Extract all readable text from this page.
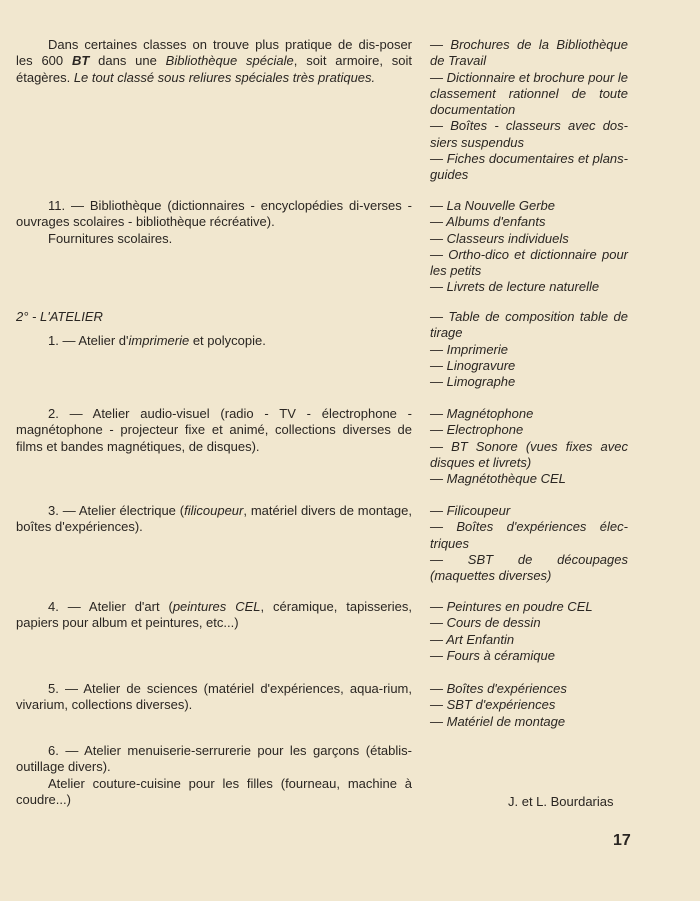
Dans certaines classes on trouve plus pratique de dis-poser les 600 BT dans une Bibliothèque spéciale, soit armoire, soit étagères. Le tout classé sous reliures spéciales très pratiques.

— Brochures de la Bibliothèque de Travail
— Dictionnaire et brochure pour le classement rationnel de toute documentation
— Boîtes - classeurs avec dos-siers suspendus
— Fiches documentaires et plans-guides

11. — Bibliothèque (dictionnaires - encyclopédies di-verses - ouvrages scolaires - bibliothèque récréative).

Fournitures scolaires.

— La Nouvelle Gerbe
— Albums d'enfants
— Classeurs individuels
— Ortho-dico et dictionnaire pour les petits
— Livrets de lecture naturelle

2° - L'ATELIER

1. — Atelier d'imprimerie et polycopie.

— Table de composition table de tirage
— Imprimerie
— Linogravure
— Limographe

2. — Atelier audio-visuel (radio - TV - électrophone - magnétophone - projecteur fixe et animé, collections diverses de films et bandes magnétiques, de disques).

— Magnétophone
— Electrophone
— BT Sonore (vues fixes avec disques et livrets)
— Magnétothèque CEL

3. — Atelier électrique (filicoupeur, matériel divers de montage, boîtes d'expériences).

— Filicoupeur
— Boîtes d'expériences élec-triques
— SBT de découpages (maquettes diverses)

4. — Atelier d'art (peintures CEL, céramique, tapisseries, papiers pour album et peintures, etc...)

— Peintures en poudre CEL
— Cours de dessin
— Art Enfantin
— Fours à céramique

5. — Atelier de sciences (matériel d'expériences, aqua-rium, vivarium, collections diverses).

— Boîtes d'expériences
— SBT d'expériences
— Matériel de montage

6. — Atelier menuiserie-serrurerie pour les garçons (établis-outillage divers).

Atelier couture-cuisine pour les filles (fourneau, machine à coudre...)	J. et L. Bourdarias
17
